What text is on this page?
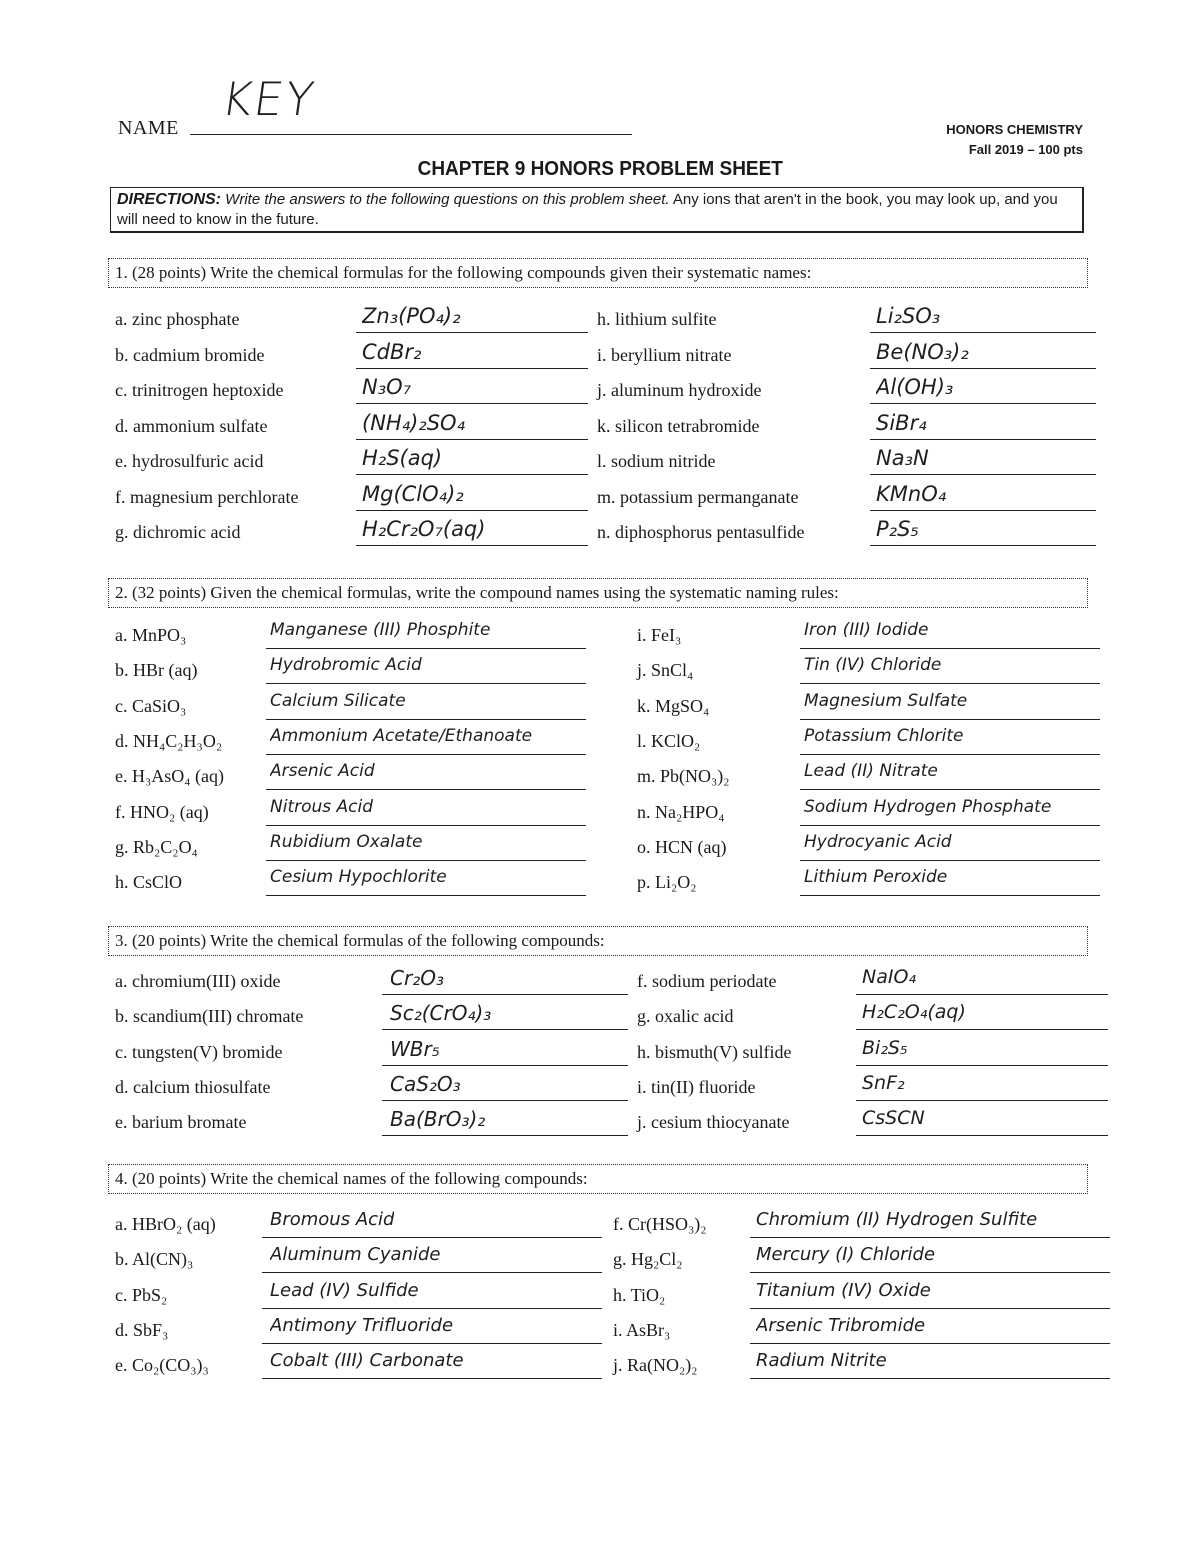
NAME
KEY
HONORS CHEMISTRY
Fall 2019 – 100 pts
CHAPTER 9 HONORS PROBLEM SHEET
DIRECTIONS: Write the answers to the following questions on this problem sheet. Any ions that aren't in the book, you may look up, and you will need to know in the future.
1. (28 points) Write the chemical formulas for the following compounds given their systematic names:
a. zinc phosphate	Zn₃(PO₄)₂
b. cadmium bromide	CdBr₂
c. trinitrogen heptoxide	N₃O₇
d. ammonium sulfate	(NH₄)₂SO₄
e. hydrosulfuric acid	H₂S(aq)
f. magnesium perchlorate	Mg(ClO₄)₂
g. dichromic acid	H₂Cr₂O₇(aq)
h. lithium sulfite	Li₂SO₃
i. beryllium nitrate	Be(NO₃)₂
j. aluminum hydroxide	Al(OH)₃
k. silicon tetrabromide	SiBr₄
l. sodium nitride	Na₃N
m. potassium permanganate	KMnO₄
n. diphosphorus pentasulfide	P₂S₅
2. (32 points) Given the chemical formulas, write the compound names using the systematic naming rules:
a. MnPO₃	Manganese (III) Phosphite
b. HBr (aq)	Hydrobromic Acid
c. CaSiO₃	Calcium Silicate
d. NH₄C₂H₃O₂	Ammonium Acetate/Ethanoate
e. H₃AsO₄ (aq)	Arsenic Acid
f. HNO₂ (aq)	Nitrous Acid
g. Rb₂C₂O₄	Rubidium Oxalate
h. CsClO	Cesium Hypochlorite
i. FeI₃	Iron (III) Iodide
j. SnCl₄	Tin (IV) Chloride
k. MgSO₄	Magnesium Sulfate
l. KClO₂	Potassium Chlorite
m. Pb(NO₃)₂	Lead (II) Nitrate
n. Na₂HPO₄	Sodium Hydrogen Phosphate
o. HCN (aq)	Hydrocyanic Acid
p. Li₂O₂	Lithium Peroxide
3. (20 points) Write the chemical formulas of the following compounds:
a. chromium(III) oxide	Cr₂O₃
b. scandium(III) chromate	Sc₂(CrO₄)₃
c. tungsten(V) bromide	WBr₅
d. calcium thiosulfate	CaS₂O₃
e. barium bromate	Ba(BrO₃)₂
f. sodium periodate	NaIO₄
g. oxalic acid	H₂C₂O₄(aq)
h. bismuth(V) sulfide	Bi₂S₅
i. tin(II) fluoride	SnF₂
j. cesium thiocyanate	CsSCN
4. (20 points) Write the chemical names of the following compounds:
a. HBrO₂ (aq)	Bromous Acid
b. Al(CN)₃	Aluminum Cyanide
c. PbS₂	Lead (IV) Sulfide
d. SbF₃	Antimony Trifluoride
e. Co₂(CO₃)₃	Cobalt (III) Carbonate
f. Cr(HSO₃)₂	Chromium (II) Hydrogen Sulfite
g. Hg₂Cl₂	Mercury (I) Chloride
h. TiO₂	Titanium (IV) Oxide
i. AsBr₃	Arsenic Tribromide
j. Ra(NO₂)₂	Radium Nitrite
